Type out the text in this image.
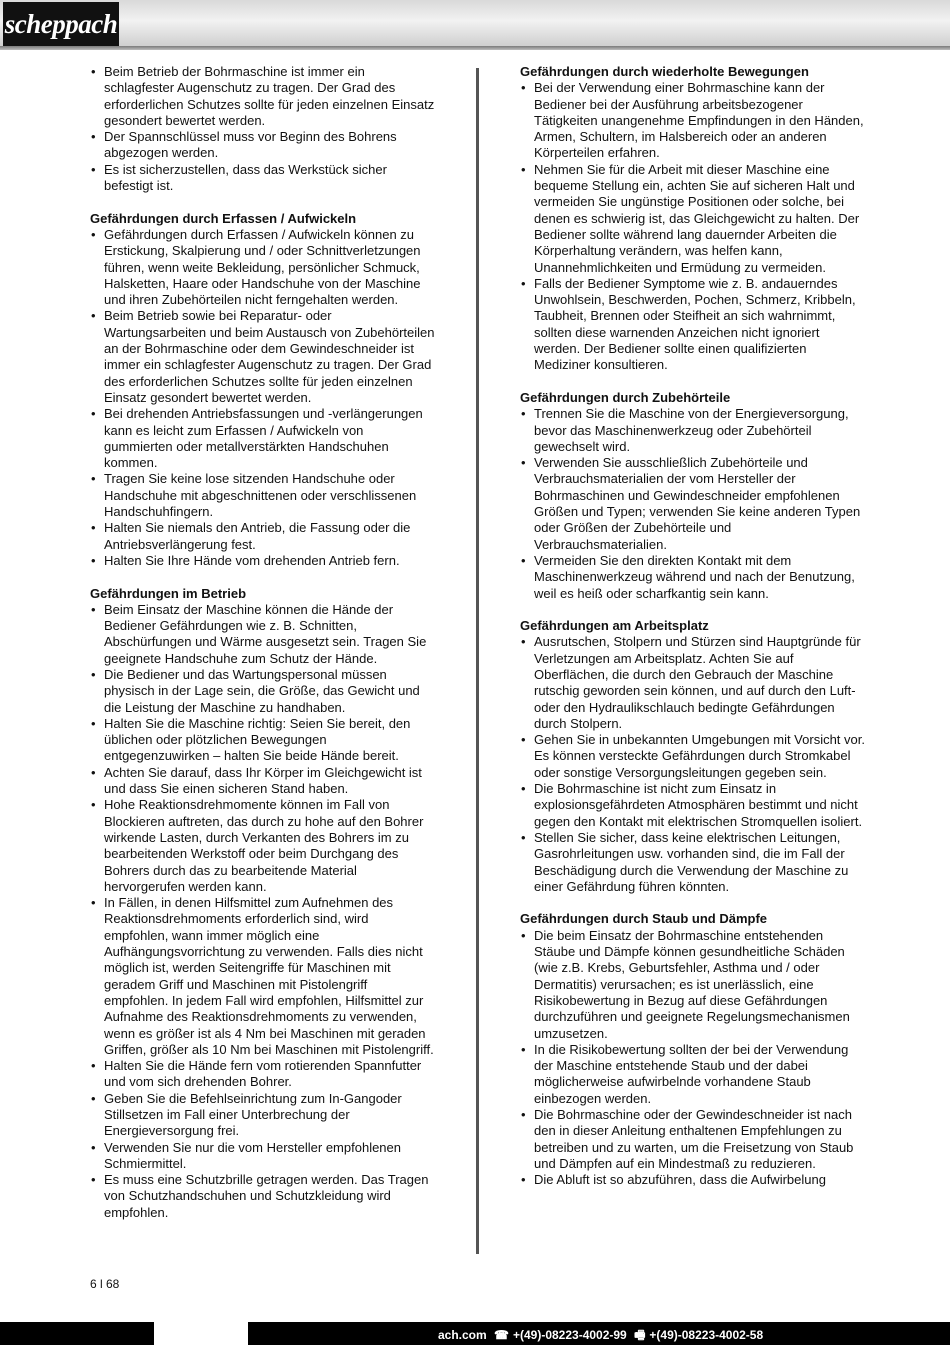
scheppach
• Beim Betrieb der Bohrmaschine ist immer ein schlagfester Augenschutz zu tragen. Der Grad des erforderlichen Schutzes sollte für jeden einzelnen Einsatz gesondert bewertet werden.
• Der Spannschlüssel muss vor Beginn des Bohrens abgezogen werden.
• Es ist sicherzustellen, dass das Werkstück sicher befestigt ist.
Gefährdungen durch Erfassen / Aufwickeln
• Gefährdungen durch Erfassen / Aufwickeln können zu Erstickung, Skalpierung und / oder Schnittverletzungen führen, wenn weite Bekleidung, persönlicher Schmuck, Halsketten, Haare oder Handschuhe von der Maschine und ihren Zubehörteilen nicht ferngehalten werden.
• Beim Betrieb sowie bei Reparatur- oder Wartungsarbeiten und beim Austausch von Zubehörteilen an der Bohrmaschine oder dem Gewindeschneider ist immer ein schlagfester Augenschutz zu tragen. Der Grad des erforderlichen Schutzes sollte für jeden einzelnen Einsatz gesondert bewertet werden.
• Bei drehenden Antriebsfassungen und -verlängerungen kann es leicht zum Erfassen / Aufwickeln von gummierten oder metallverstärkten Handschuhen kommen.
• Tragen Sie keine lose sitzenden Handschuhe oder Handschuhe mit abgeschnittenen oder verschlissenen Handschuhfingern.
• Halten Sie niemals den Antrieb, die Fassung oder die Antriebsverlängerung fest.
• Halten Sie Ihre Hände vom drehenden Antrieb fern.
Gefährdungen im Betrieb
• Beim Einsatz der Maschine können die Hände der Bediener Gefährdungen wie z. B. Schnitten, Abschürfungen und Wärme ausgesetzt sein. Tragen Sie geeignete Handschuhe zum Schutz der Hände.
• Die Bediener und das Wartungspersonal müssen physisch in der Lage sein, die Größe, das Gewicht und die Leistung der Maschine zu handhaben.
• Halten Sie die Maschine richtig: Seien Sie bereit, den üblichen oder plötzlichen Bewegungen entgegenzuwirken – halten Sie beide Hände bereit.
• Achten Sie darauf, dass Ihr Körper im Gleichgewicht ist und dass Sie einen sicheren Stand haben.
• Hohe Reaktionsdrehmomente können im Fall von Blockieren auftreten, das durch zu hohe auf den Bohrer wirkende Lasten, durch Verkanten des Bohrers im zu bearbeitenden Werkstoff oder beim Durchgang des Bohrers durch das zu bearbeitende Material hervorgerufen werden kann.
• In Fällen, in denen Hilfsmittel zum Aufnehmen des Reaktionsdrehmoments erforderlich sind, wird empfohlen, wann immer möglich eine Aufhängungsvorrichtung zu verwenden. Falls dies nicht möglich ist, werden Seitengriffe für Maschinen mit geradem Griff und Maschinen mit Pistolengriff empfohlen. In jedem Fall wird empfohlen, Hilfsmittel zur Aufnahme des Reaktionsdrehmoments zu verwenden, wenn es größer ist als 4 Nm bei Maschinen mit geraden Griffen, größer als 10 Nm bei Maschinen mit Pistolengriff.
• Halten Sie die Hände fern vom rotierenden Spannfutter und vom sich drehenden Bohrer.
• Geben Sie die Befehlseinrichtung zum In-Gangoder Stillsetzen im Fall einer Unterbrechung der Energieversorgung frei.
• Verwenden Sie nur die vom Hersteller empfohlenen Schmiermittel.
• Es muss eine Schutzbrille getragen werden. Das Tragen von Schutzhandschuhen und Schutzkleidung wird empfohlen.
Gefährdungen durch wiederholte Bewegungen
• Bei der Verwendung einer Bohrmaschine kann der Bediener bei der Ausführung arbeitsbezogener Tätigkeiten unangenehme Empfindungen in den Händen, Armen, Schultern, im Halsbereich oder an anderen Körperteilen erfahren.
• Nehmen Sie für die Arbeit mit dieser Maschine eine bequeme Stellung ein, achten Sie auf sicheren Halt und vermeiden Sie ungünstige Positionen oder solche, bei denen es schwierig ist, das Gleichgewicht zu halten. Der Bediener sollte während lang dauernder Arbeiten die Körperhaltung verändern, was helfen kann, Unannehmlichkeiten und Ermüdung zu vermeiden.
• Falls der Bediener Symptome wie z. B. andauerndes Unwohlsein, Beschwerden, Pochen, Schmerz, Kribbeln, Taubheit, Brennen oder Steifheit an sich wahrnimmt, sollten diese warnenden Anzeichen nicht ignoriert werden. Der Bediener sollte einen qualifizierten Mediziner konsultieren.
Gefährdungen durch Zubehörteile
• Trennen Sie die Maschine von der Energieversorgung, bevor das Maschinenwerkzeug oder Zubehörteil gewechselt wird.
• Verwenden Sie ausschließlich Zubehörteile und Verbrauchsmaterialien der vom Hersteller der Bohrmaschinen und Gewindeschneider empfohlenen Größen und Typen; verwenden Sie keine anderen Typen oder Größen der Zubehörteile und Verbrauchsmaterialien.
• Vermeiden Sie den direkten Kontakt mit dem Maschinenwerkzeug während und nach der Benutzung, weil es heiß oder scharfkantig sein kann.
Gefährdungen am Arbeitsplatz
• Ausrutschen, Stolpern und Stürzen sind Hauptgründe für Verletzungen am Arbeitsplatz. Achten Sie auf Oberflächen, die durch den Gebrauch der Maschine rutschig geworden sein können, und auf durch den Luft- oder den Hydraulikschlauch bedingte Gefährdungen durch Stolpern.
• Gehen Sie in unbekannten Umgebungen mit Vorsicht vor. Es können versteckte Gefährdungen durch Stromkabel oder sonstige Versorgungsleitungen gegeben sein.
• Die Bohrmaschine ist nicht zum Einsatz in explosionsgefährdeten Atmosphären bestimmt und nicht gegen den Kontakt mit elektrischen Stromquellen isoliert.
• Stellen Sie sicher, dass keine elektrischen Leitungen, Gasrohrleitungen usw. vorhanden sind, die im Fall der Beschädigung durch die Verwendung der Maschine zu einer Gefährdung führen könnten.
Gefährdungen durch Staub und Dämpfe
• Die beim Einsatz der Bohrmaschine entstehenden Stäube und Dämpfe können gesundheitliche Schäden (wie z.B. Krebs, Geburtsfehler, Asthma und / oder Dermatitis) verursachen; es ist unerlässlich, eine Risikobewertung in Bezug auf diese Gefährdungen durchzuführen und geeignete Regelungsmechanismen umzusetzen.
• In die Risikobewertung sollten der bei der Verwendung der Maschine entstehende Staub und der dabei möglicherweise aufwirbelnde vorhandene Staub einbezogen werden.
• Die Bohrmaschine oder der Gewindeschneider ist nach den in dieser Anleitung enthaltenen Empfehlungen zu betreiben und zu warten, um die Freisetzung von Staub und Dämpfen auf ein Mindestmaß zu reduzieren.
• Die Abluft ist so abzuführen, dass die Aufwirbelung
6 l 68
ach.com ☎ +(49)-08223-4002-99 🖷 +(49)-08223-4002-58
